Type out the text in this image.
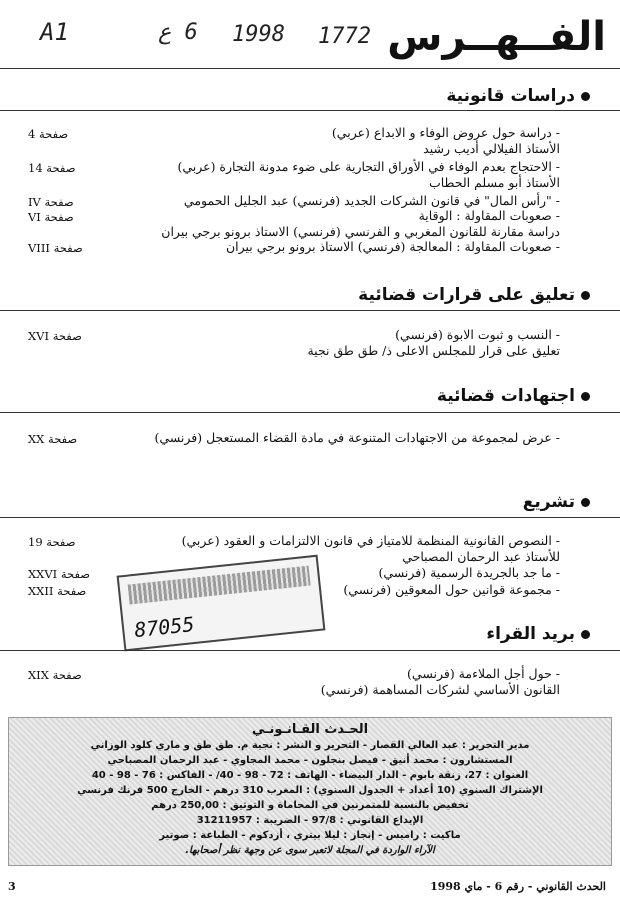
A1	6 ع 1998 1772 الفــهــرس
دراسات قانونية
- دراسة حول عروض الوفاء و الابداع (عربي)
صفحة 4
الأستاذ الفيلالي أديب رشيد
- الاحتجاج بعدم الوفاء في الأوراق التجارية على ضوء مدونة التجارة (عربي)
صفحة 14
الأستاذ أبو مسلم الحطاب
- "رأس المال" في قانون الشركات الجديد (فرنسي) عبد الجليل الحمومي
صفحة IV
- صعوبات المقاولة : الوقاية
صفحة VI
دراسة مقارنة للقانون المغربي و الفرنسي (فرنسي) الاستاذ برونو برجي بيران
- صعوبات المقاولة : المعالجة (فرنسي) الاستاذ برونو برجي بيران
صفحة VIII
تعليق على قرارات قضائية
- النسب و ثبوت الابوة (فرنسي)
صفحة XVI
تعليق على قرار للمجلس الاعلى ذ/ طق طق نجية
اجتهادات قضائية
- عرض لمجموعة من الاجتهادات المتنوعة في مادة القضاء المستعجل (فرنسي)
صفحة XX
تشريع
- النصوص القانونية المنظمة للامتياز في قانون الالتزامات و العقود (عربي)
صفحة 19
للأستاذ عبد الرحمان المصباحي
- ما جد بالجريدة الرسمية (فرنسي)
صفحة XXVI
- مجموعة قوانين حول المعوقين (فرنسي)
صفحة XXII
87055	بريد القراء
- حول أجل الملاءمة (فرنسي)
صفحة XIX
القانون الأساسي لشركات المساهمة (فرنسي)
الحـدث القـانـونـي
مدير التحرير : عبد العالي القصار - التحرير و النشر : نجية م. طق طق و ماري كلود الوزاني
المستشارون : محمد أنيق - فيصل بنجلون - محمد المجاوي - عبد الرحمان المصباحي
العنوان : 27، زنقة بابوم - الدار البيضاء - الهاتف : 72 - 98 - 40/ - الفاكس : 76 - 98 - 40
الإشتراك السنوي (10 أعداد + الجدول السنوي) : المغرب 310 درهم - الخارج 500 فرنك فرنسي
تخفيض بالنسبة للمتمرنين في المحاماة و التوثيق : 250,00 درهم
الإيداع القانوني : 97/8 - الضريبة : 31211957
ماكيت : راميس - إنجاز : ليلا بيتري ، أزدكوم - الطباعة : صوتير
الآراء الواردة في المجلة لاتعبر سوى عن وجهة نظر أصحابها.
الحدث القانوني - رقم 6 - ماي 1998
3
